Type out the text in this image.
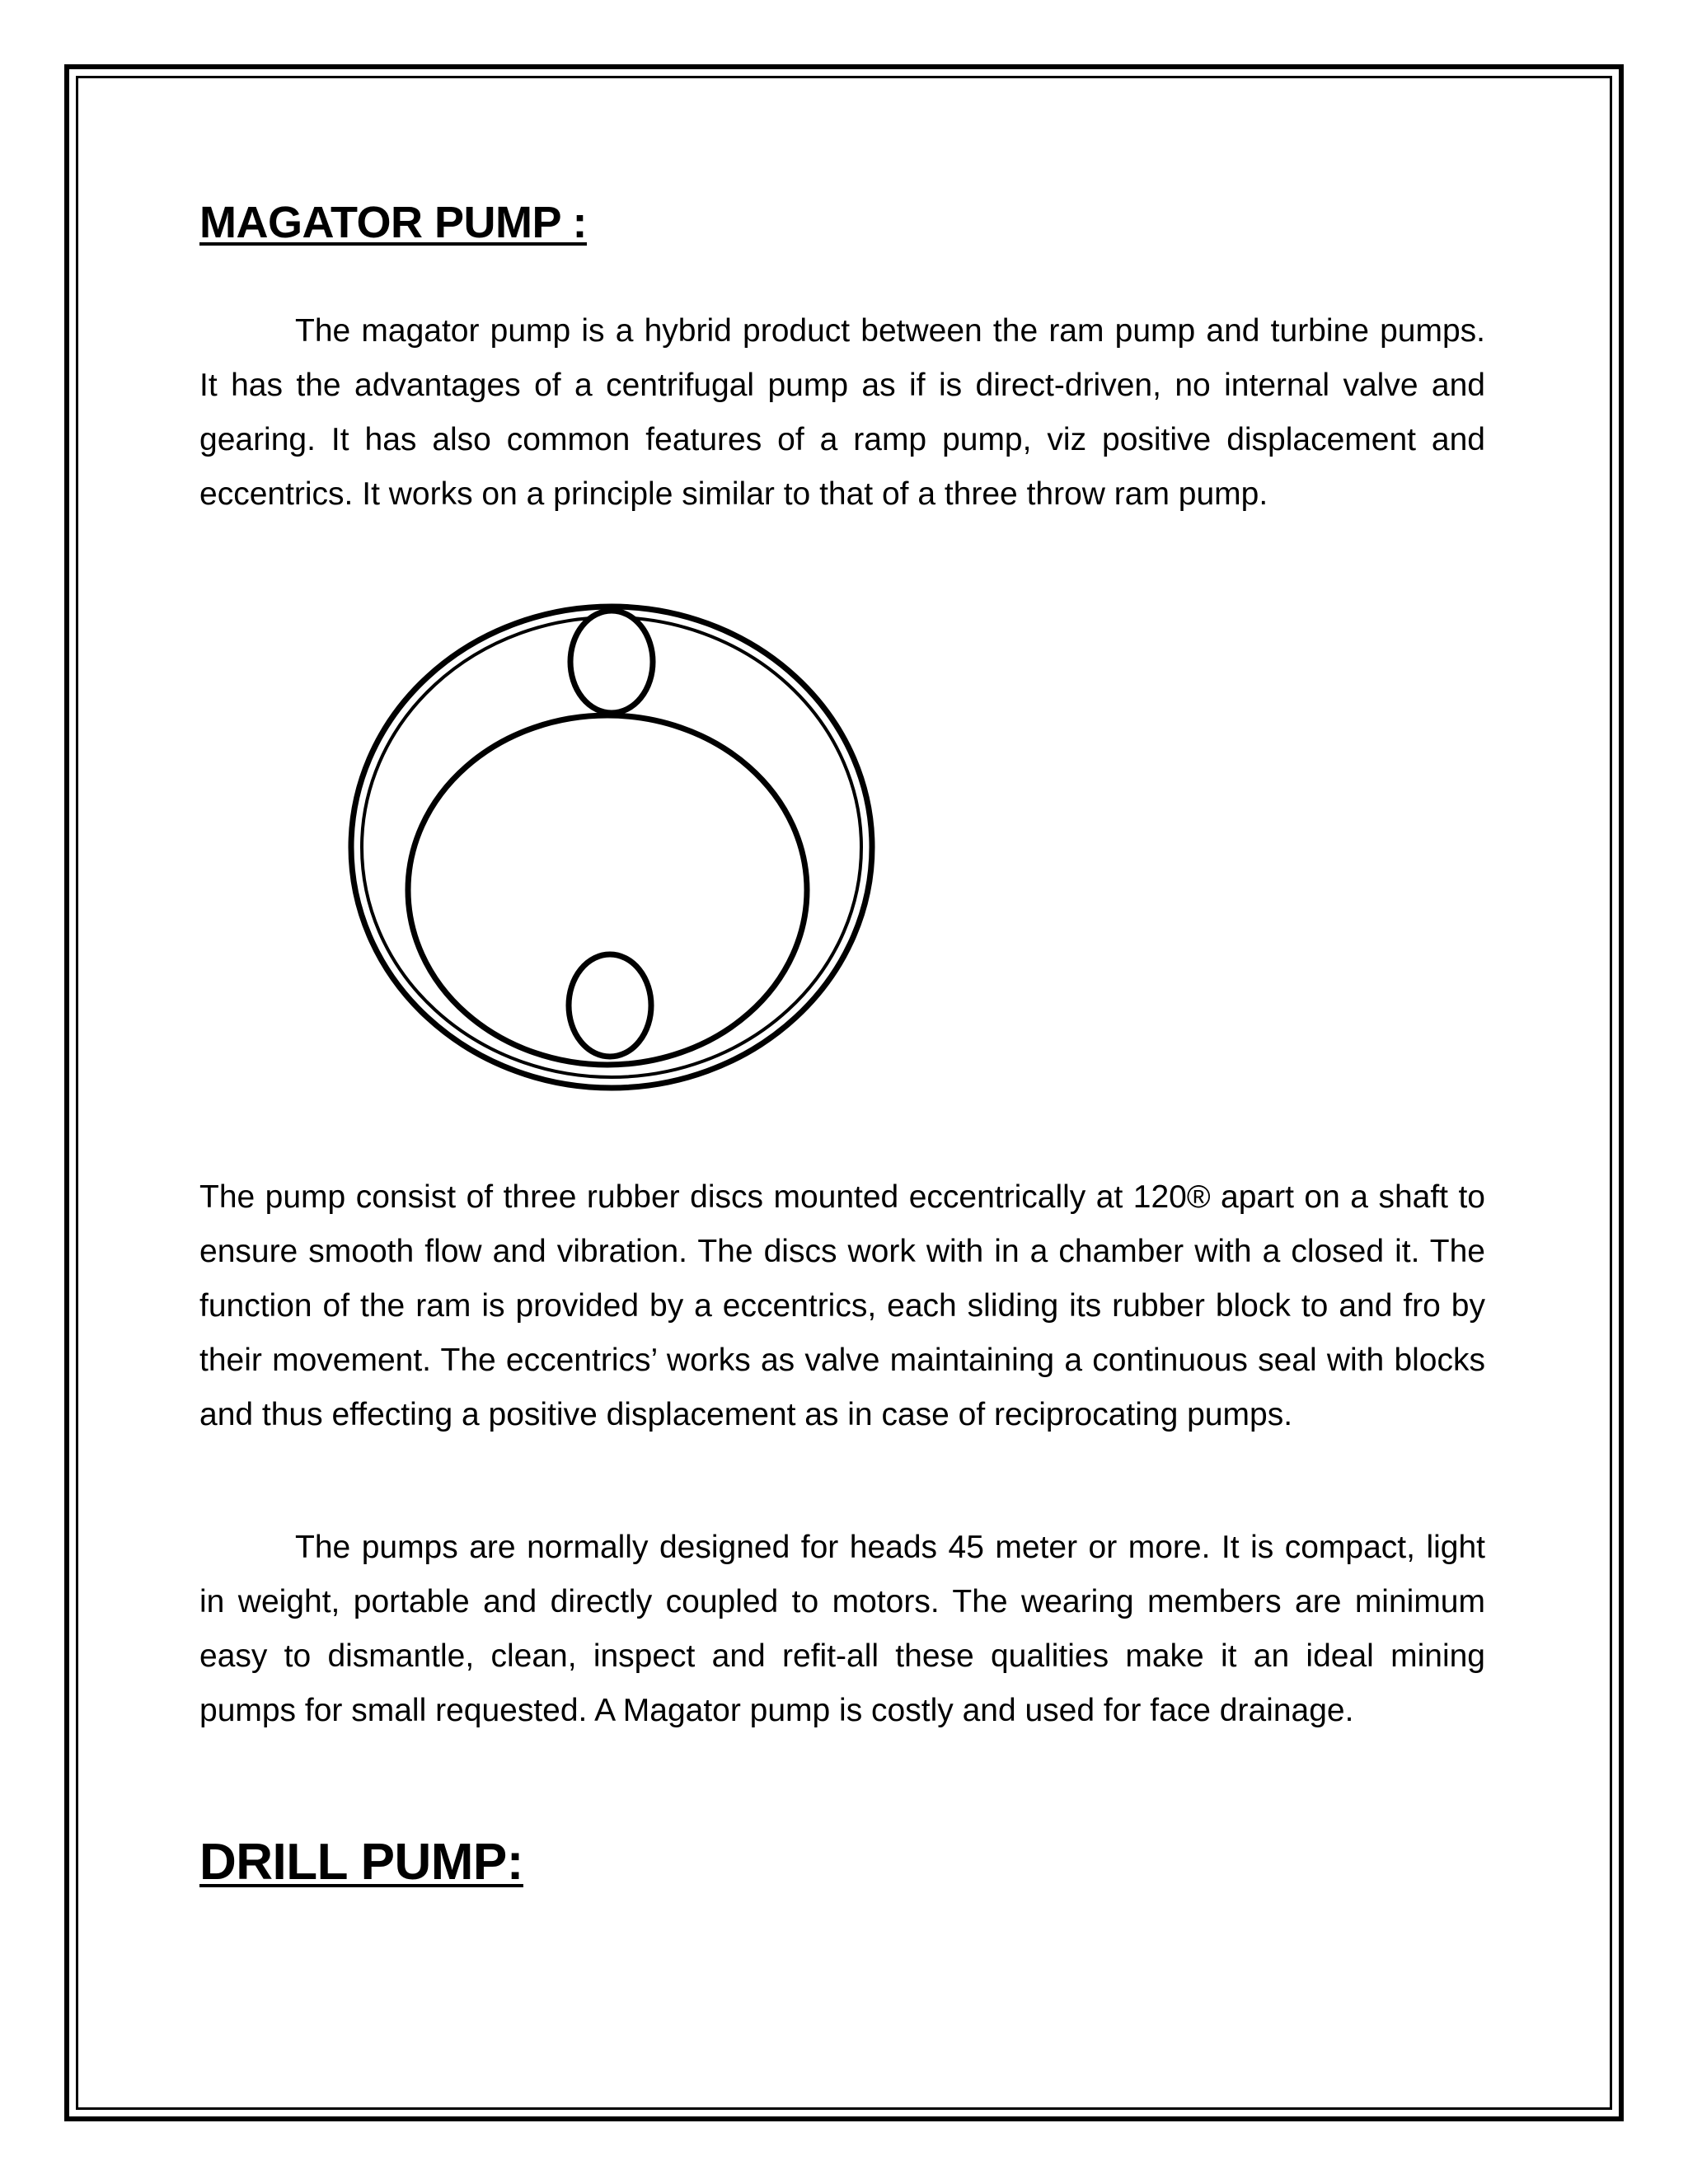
MAGATOR PUMP :

The magator pump is a hybrid product between the ram pump and turbine pumps. It has the advantages of a centrifugal pump as if is direct-driven, no internal valve and gearing. It has also common features of a ramp pump, viz positive displacement and eccentrics. It works on a principle similar to that of a three throw ram pump.

The pump consist of three rubber discs mounted eccentrically at 120® apart on a shaft to ensure smooth flow and vibration. The discs work with in a chamber with a closed it. The function of the ram is provided by a eccentrics, each sliding its rubber block to and fro by their movement. The eccentrics’ works as valve maintaining a continuous seal with blocks and thus effecting a positive displacement as in case of reciprocating pumps.

The pumps are normally designed for heads 45 meter or more. It is compact, light in weight, portable and directly coupled to motors. The wearing members are minimum easy to dismantle, clean, inspect and refit-all these qualities make it an ideal mining pumps for small requested. A Magator pump is costly and used for face drainage.

DRILL PUMP:
